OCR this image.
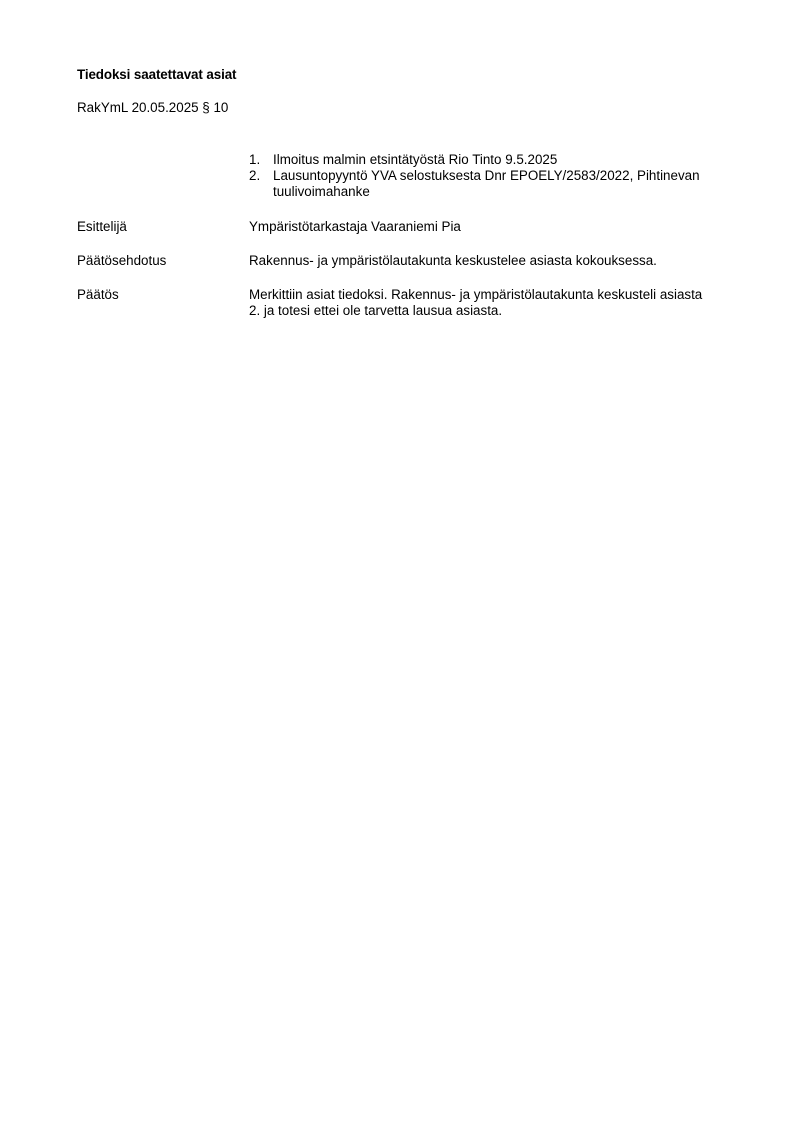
Tiedoksi saatettavat asiat
RakYmL 20.05.2025 § 10
1. Ilmoitus malmin etsintätyöstä Rio Tinto 9.5.2025
2. Lausuntopyyntö YVA selostuksesta Dnr EPOELY/2583/2022, Pihtinevan tuulivoimahanke
Esittelijä	Ympäristötarkastaja Vaaraniemi Pia
Päätösehdotus	Rakennus- ja ympäristölautakunta keskustelee asiasta kokouksessa.
Päätös	Merkittiin asiat tiedoksi. Rakennus- ja ympäristölautakunta keskusteli asiasta 2. ja totesi ettei ole tarvetta lausua asiasta.
